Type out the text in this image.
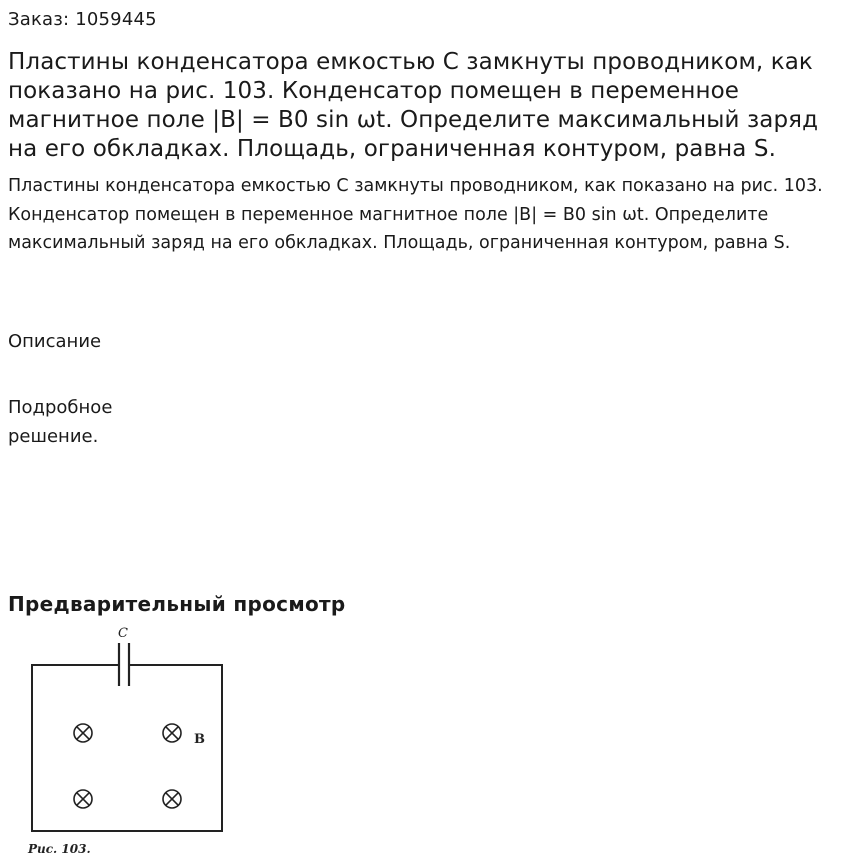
Заказ: 1059445
Пластины конденсатора емкостью С замкнуты проводником, как показано на рис. 103. Конденсатор помещен в переменное магнитное поле |В| = В0 sin ωt. Определите максимальный заряд на его обкладках. Площадь, ограниченная контуром, равна S.
Пластины конденсатора емкостью С замкнуты проводником, как показано на рис. 103. Конденсатор помещен в переменное магнитное поле |В| = В0 sin ωt. Определите максимальный заряд на его обкладках. Площадь, ограниченная контуром, равна S.
Описание
Подробное решение.
Предварительный просмотр
C
B
Рис. 103.
